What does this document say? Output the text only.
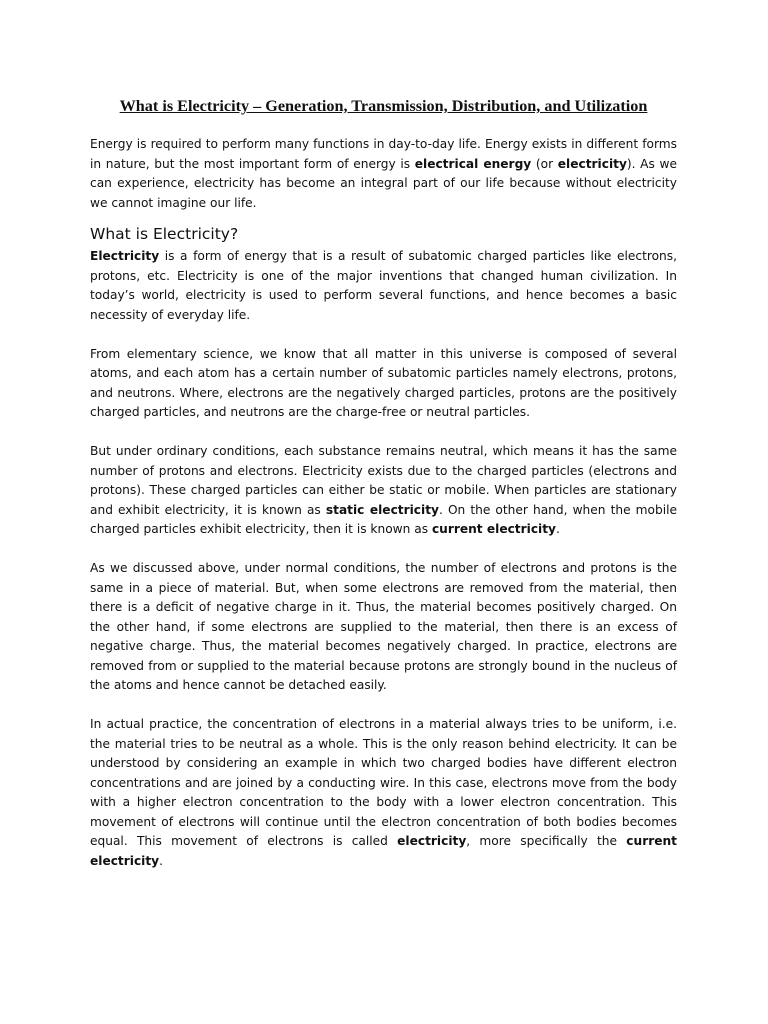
What is Electricity – Generation, Transmission, Distribution, and Utilization

Energy is required to perform many functions in day-to-day life. Energy exists in different forms in nature, but the most important form of energy is electrical energy (or electricity). As we can experience, electricity has become an integral part of our life because without electricity we cannot imagine our life.

What is Electricity?

Electricity is a form of energy that is a result of subatomic charged particles like electrons, protons, etc. Electricity is one of the major inventions that changed human civilization. In today’s world, electricity is used to perform several functions, and hence becomes a basic necessity of everyday life.

From elementary science, we know that all matter in this universe is composed of several atoms, and each atom has a certain number of subatomic particles namely electrons, protons, and neutrons. Where, electrons are the negatively charged particles, protons are the positively charged particles, and neutrons are the charge-free or neutral particles.

But under ordinary conditions, each substance remains neutral, which means it has the same number of protons and electrons. Electricity exists due to the charged particles (electrons and protons). These charged particles can either be static or mobile. When particles are stationary and exhibit electricity, it is known as static electricity. On the other hand, when the mobile charged particles exhibit electricity, then it is known as current electricity.

As we discussed above, under normal conditions, the number of electrons and protons is the same in a piece of material. But, when some electrons are removed from the material, then there is a deficit of negative charge in it. Thus, the material becomes positively charged. On the other hand, if some electrons are supplied to the material, then there is an excess of negative charge. Thus, the material becomes negatively charged. In practice, electrons are removed from or supplied to the material because protons are strongly bound in the nucleus of the atoms and hence cannot be detached easily.

In actual practice, the concentration of electrons in a material always tries to be uniform, i.e. the material tries to be neutral as a whole. This is the only reason behind electricity. It can be understood by considering an example in which two charged bodies have different electron concentrations and are joined by a conducting wire. In this case, electrons move from the body with a higher electron concentration to the body with a lower electron concentration. This movement of electrons will continue until the electron concentration of both bodies becomes equal. This movement of electrons is called electricity, more specifically the current electricity.
